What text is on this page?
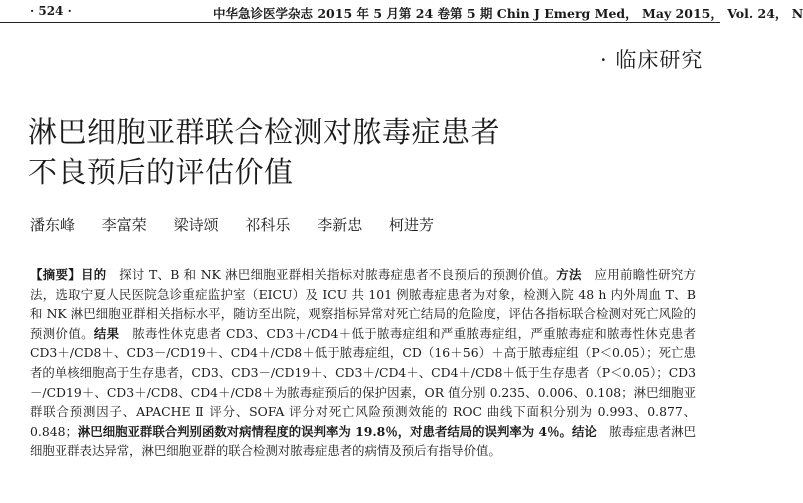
· 524 ·	中华急诊医学杂志 2015 年 5 月第 24 卷第 5 期 Chin J Emerg Med， May 2015， Vol. 24， N
· 临床研究
淋巴细胞亚群联合检测对脓毒症患者
不良预后的评估价值
潘东峰 李富荣 梁诗颂 祁科乐 李新忠 柯进芳

【摘要】目的　 探讨 T、B 和 NK 淋巴细胞亚群相关指标对脓毒症患者不良预后的预测价值。方法　 应用前瞻性研究方法，选取宁夏人民医院急诊重症监护室（EICU）及 ICU 共 101 例脓毒症患者为对象，检测入院 48 h 内外周血 T、B 和 NK 淋巴细胞亚群相关指标水平，随访至出院，观察指标异常对死亡结局的危险度，评估各指标联合检测对死亡风险的预测价值。结果　 脓毒性休克患者 CD3、CD3＋/CD4＋低于脓毒症组和严重脓毒症组，严重脓毒症和脓毒性休克患者 CD3＋/CD8＋、CD3－/CD19＋、CD4＋/CD8＋低于脓毒症组，CD（16＋56）＋高于脓毒症组（P＜0.05）；死亡患者的单核细胞高于生存患者，CD3、CD3－/CD19＋、CD3＋/CD4＋、CD4＋/CD8＋低于生存患者（P＜0.05）；CD3－/CD19＋、CD3＋/CD8、CD4＋/CD8＋为脓毒症预后的保护因素，OR 值分别 0.235、0.006、0.108；淋巴细胞亚群联合预测因子、APACHE Ⅱ 评分、SOFA 评分对死亡风险预测效能的 ROC 曲线下面积分别为 0.993、0.877、0.848；淋巴细胞亚群联合判别函数对病情程度的误判率为 19.8％，对患者结局的误判率为 4％。结论　 脓毒症患者淋巴细胞亚群表达异常，淋巴细胞亚群的联合检测对脓毒症患者的病情及预后有指导价值。
